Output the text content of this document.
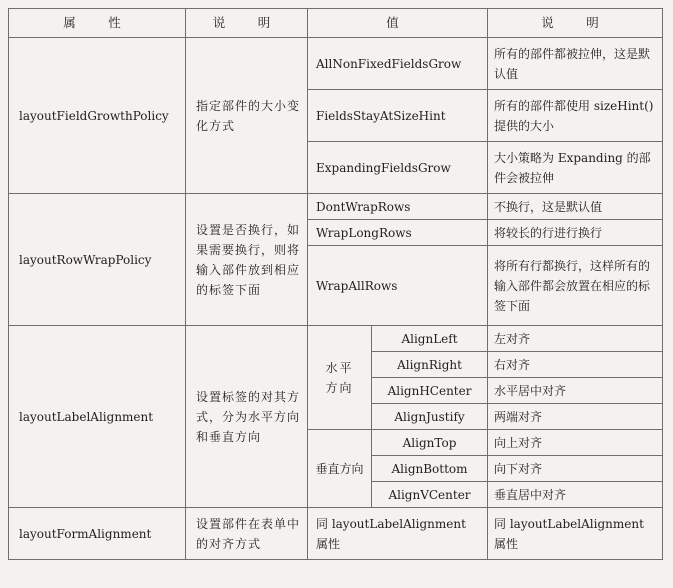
属　性	说　明	值		说　明
layoutFieldGrowthPolicy	指定部件的大小变化方式	AllNonFixedFieldsGrow		所有的部件都被拉伸，这是默认值
		FieldsStayAtSizeHint		所有的部件都使用 sizeHint()提供的大小
		ExpandingFieldsGrow		大小策略为 Expanding 的部件会被拉伸
layoutRowWrapPolicy	设置是否换行，如果需要换行，则将输入部件放到相应的标签下面	DontWrapRows		不换行，这是默认值
		WrapLongRows		将较长的行进行换行
		WrapAllRows		将所有行都换行，这样所有的输入部件都会放置在相应的标签下面
layoutLabelAlignment	设置标签的对其方式，分为水平方向和垂直方向	水平方向	AlignLeft	左对齐
			AlignRight	右对齐
			AlignHCenter	水平居中对齐
			AlignJustify	两端对齐
		垂直方向	AlignTop	向上对齐
			AlignBottom	向下对齐
			AlignVCenter	垂直居中对齐
layoutFormAlignment	设置部件在表单中的对齐方式	同 layoutLabelAlignment 属性		同 layoutLabelAlignment 属性
